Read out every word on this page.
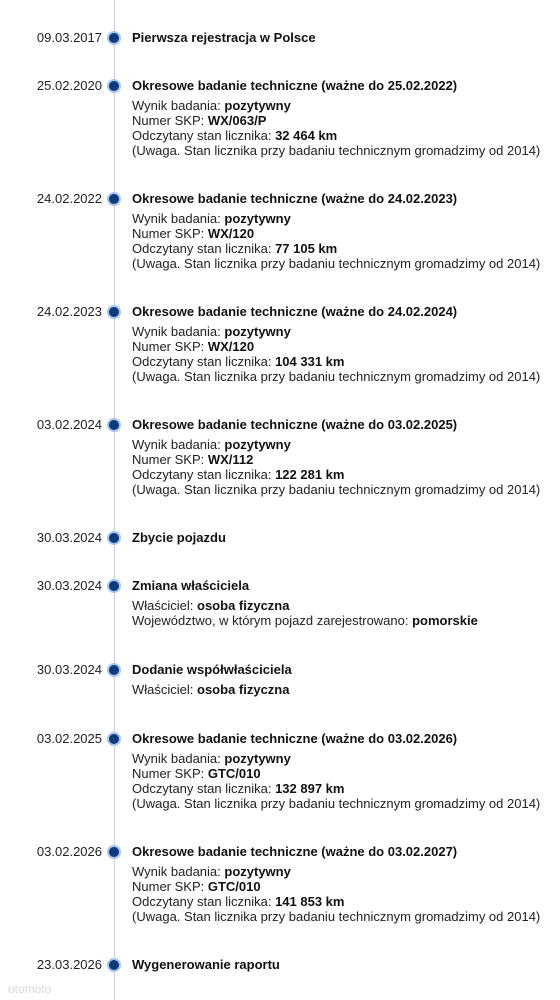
09.03.2017 Pierwsza rejestracja w Polsce
25.02.2020 Okresowe badanie techniczne (ważne do 25.02.2022)
Wynik badania: pozytywny
Numer SKP: WX/063/P
Odczytany stan licznika: 32 464 km
(Uwaga. Stan licznika przy badaniu technicznym gromadzimy od 2014)
24.02.2022 Okresowe badanie techniczne (ważne do 24.02.2023)
Wynik badania: pozytywny
Numer SKP: WX/120
Odczytany stan licznika: 77 105 km
(Uwaga. Stan licznika przy badaniu technicznym gromadzimy od 2014)
24.02.2023 Okresowe badanie techniczne (ważne do 24.02.2024)
Wynik badania: pozytywny
Numer SKP: WX/120
Odczytany stan licznika: 104 331 km
(Uwaga. Stan licznika przy badaniu technicznym gromadzimy od 2014)
03.02.2024 Okresowe badanie techniczne (ważne do 03.02.2025)
Wynik badania: pozytywny
Numer SKP: WX/112
Odczytany stan licznika: 122 281 km
(Uwaga. Stan licznika przy badaniu technicznym gromadzimy od 2014)
30.03.2024 Zbycie pojazdu
30.03.2024 Zmiana właściciela
Właściciel: osoba fizyczna
Województwo, w którym pojazd zarejestrowano: pomorskie
30.03.2024 Dodanie współwłaściciela
Właściciel: osoba fizyczna
03.02.2025 Okresowe badanie techniczne (ważne do 03.02.2026)
Wynik badania: pozytywny
Numer SKP: GTC/010
Odczytany stan licznika: 132 897 km
(Uwaga. Stan licznika przy badaniu technicznym gromadzimy od 2014)
03.02.2026 Okresowe badanie techniczne (ważne do 03.02.2027)
Wynik badania: pozytywny
Numer SKP: GTC/010
Odczytany stan licznika: 141 853 km
(Uwaga. Stan licznika przy badaniu technicznym gromadzimy od 2014)
23.03.2026 Wygenerowanie raportu
otomoto
